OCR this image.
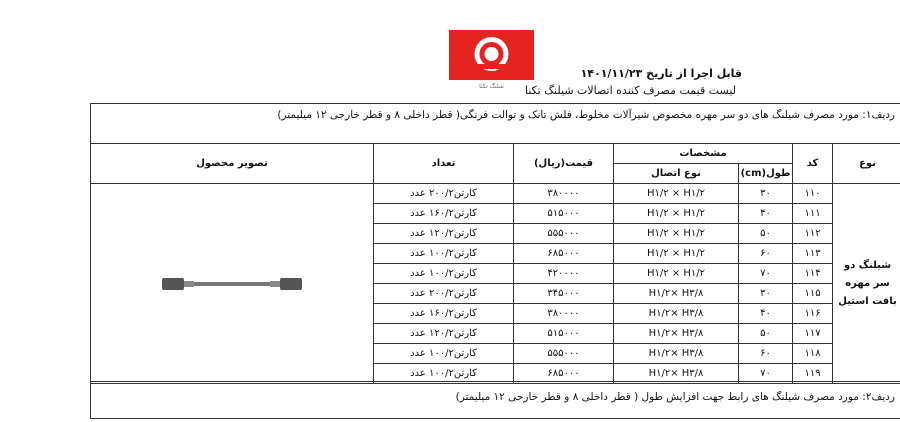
شلنگ تکنا
قابل اجرا از تاریخ ۱۴۰۱/۱۱/۲۳
لیست قیمت مصرف کننده اتصالات شیلنگ تکنا
ردیف۱: مورد مصرف شیلنگ های دو سر مهره مخصوص شیرآلات مخلوط، فلش تانک و توالت فرنگی( قطر داخلی ۸ و قطر خارجی ۱۲ میلیمتر)
نوع	کد	مشخصات		قیمت(ریال)	تعداد	تصویر محصول
		طول(cm)	نوع اتصال			
شیلنگ دو سر مهره بافت استیل	۱۱۰	۳۰	H۱/۲ × H۱/۲	۳۸۰۰۰۰	کارتن۲۰۰/۲ عدد	

	۱۱۱	۴۰	H۱/۲ × H۱/۲	۵۱۵۰۰۰	کارتن۱۶۰/۲ عدد	
	۱۱۲	۵۰	H۱/۲ × H۱/۲	۵۵۵۰۰۰	کارتن۱۲۰/۲ عدد	
	۱۱۳	۶۰	H۱/۲ × H۱/۲	۶۸۵۰۰۰	کارتن۱۰۰/۲ عدد	
	۱۱۴	۷۰	H۱/۲ × H۱/۲	۴۲۰۰۰۰	کارتن۱۰۰/۲ عدد	
	۱۱۵	۳۰	H۱/۲× H۳/۸	۳۴۵۰۰۰	کارتن۲۰۰/۲ عدد	
	۱۱۶	۴۰	H۱/۲× H۳/۸	۳۸۰۰۰۰	کارتن۱۶۰/۲ عدد	
	۱۱۷	۵۰	H۱/۲× H۳/۸	۵۱۵۰۰۰	کارتن۱۲۰/۲ عدد	
	۱۱۸	۶۰	H۱/۲× H۳/۸	۵۵۵۰۰۰	کارتن۱۰۰/۲ عدد	
	۱۱۹	۷۰	H۱/۲× H۳/۸	۶۸۵۰۰۰	کارتن۱۰۰/۲ عدد	
ردیف۲: مورد مصرف شیلنگ های رابط جهت افزایش طول ( قطر داخلی ۸ و قطر خارجی ۱۲ میلیمتر)
